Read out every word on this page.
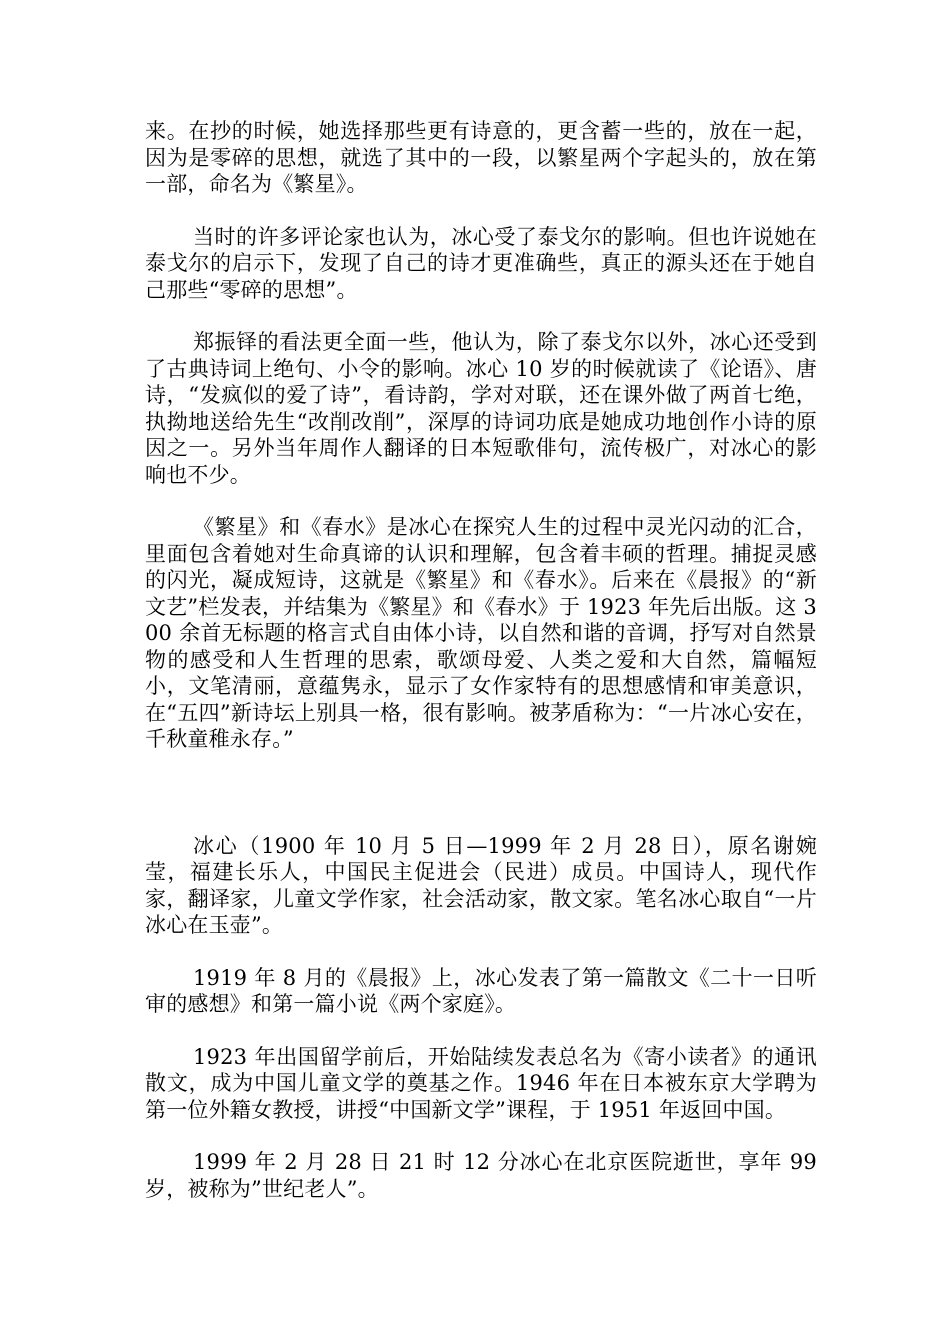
来。在抄的时候，她选择那些更有诗意的，更含蓄一些的，放在一起，因为是零碎的思想，就选了其中的一段，以繁星两个字起头的，放在第一部，命名为《繁星》。

当时的许多评论家也认为，冰心受了泰戈尔的影响。但也许说她在泰戈尔的启示下，发现了自己的诗才更准确些，真正的源头还在于她自己那些“零碎的思想”。

郑振铎的看法更全面一些，他认为，除了泰戈尔以外，冰心还受到了古典诗词上绝句、小令的影响。冰心 10 岁的时候就读了《论语》、唐诗，“发疯似的爱了诗”，看诗韵，学对对联，还在课外做了两首七绝，执拗地送给先生“改削改削”，深厚的诗词功底是她成功地创作小诗的原因之一。另外当年周作人翻译的日本短歌俳句，流传极广，对冰心的影响也不少。

《繁星》和《春水》是冰心在探究人生的过程中灵光闪动的汇合，里面包含着她对生命真谛的认识和理解，包含着丰硕的哲理。捕捉灵感的闪光，凝成短诗，这就是《繁星》和《春水》。后来在《晨报》的“新文艺”栏发表，并结集为《繁星》和《春水》于 1923 年先后出版。这 300 余首无标题的格言式自由体小诗，以自然和谐的音调，抒写对自然景物的感受和人生哲理的思索，歌颂母爱、人类之爱和大自然，篇幅短小，文笔清丽，意蕴隽永，显示了女作家特有的思想感情和审美意识，在“五四”新诗坛上别具一格，很有影响。被茅盾称为：“一片冰心安在，千秋童稚永存。”

冰心（1900 年 10 月 5 日—1999 年 2 月 28 日），原名谢婉莹，福建长乐人，中国民主促进会（民进）成员。中国诗人，现代作家，翻译家，儿童文学作家，社会活动家，散文家。笔名冰心取自“一片冰心在玉壶”。

1919 年 8 月的《晨报》上，冰心发表了第一篇散文《二十一日听审的感想》和第一篇小说《两个家庭》。

1923 年出国留学前后，开始陆续发表总名为《寄小读者》的通讯散文，成为中国儿童文学的奠基之作。1946 年在日本被东京大学聘为第一位外籍女教授，讲授“中国新文学”课程，于 1951 年返回中国。

1999 年 2 月 28 日 21 时 12 分冰心在北京医院逝世，享年 99 岁，被称为”世纪老人”。
